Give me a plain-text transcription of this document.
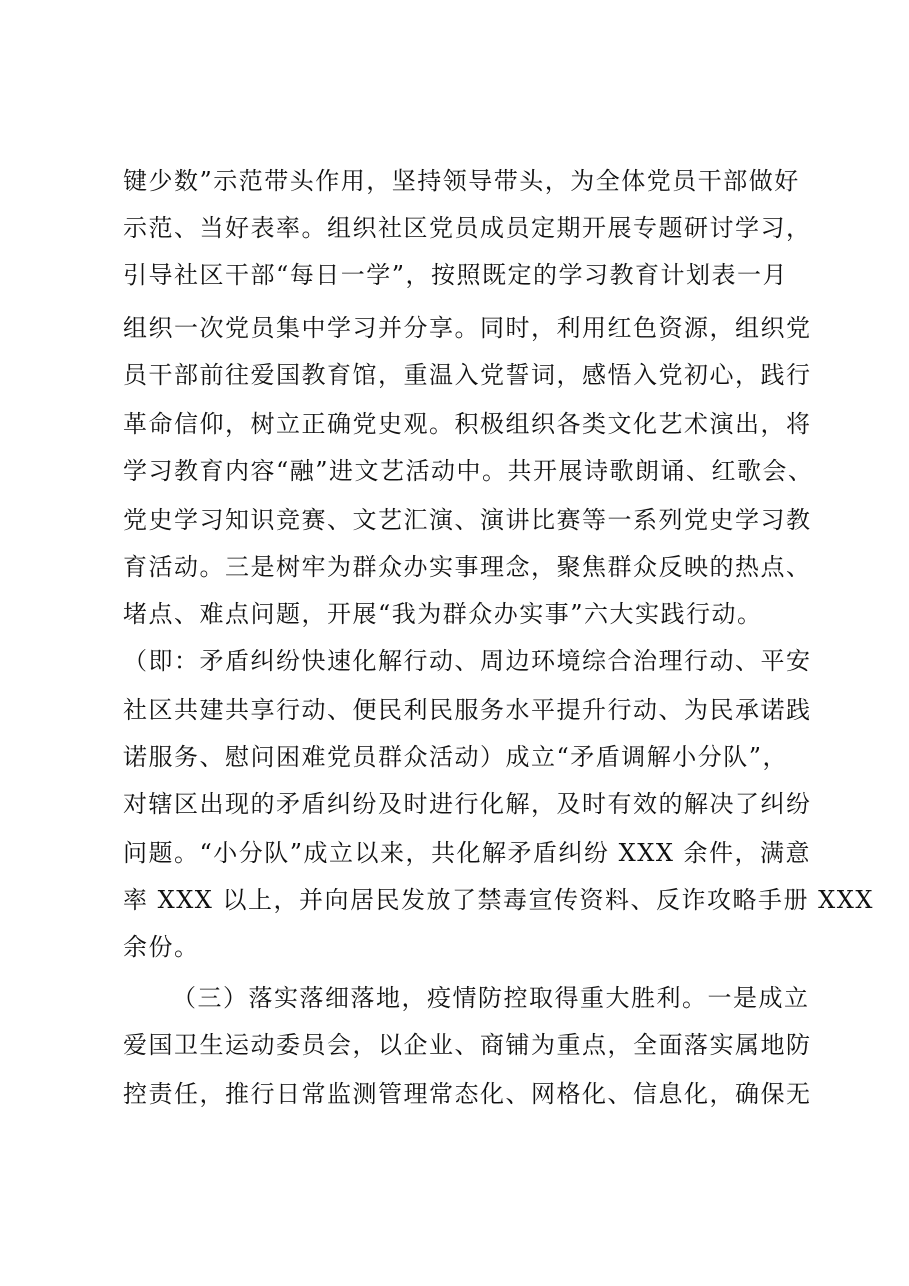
键少数”示范带头作用，坚持领导带头，为全体党员干部做好
示范、当好表率。组织社区党员成员定期开展专题研讨学习，
引导社区干部“每日一学”，按照既定的学习教育计划表一月
组织一次党员集中学习并分享。同时，利用红色资源，组织党
员干部前往爱国教育馆，重温入党誓词，感悟入党初心，践行
革命信仰，树立正确党史观。积极组织各类文化艺术演出，将
学习教育内容“融”进文艺活动中。共开展诗歌朗诵、红歌会、
党史学习知识竞赛、文艺汇演、演讲比赛等一系列党史学习教
育活动。三是树牢为群众办实事理念，聚焦群众反映的热点、
堵点、难点问题，开展“我为群众办实事”六大实践行动。
（即：矛盾纠纷快速化解行动、周边环境综合治理行动、平安
社区共建共享行动、便民利民服务水平提升行动、为民承诺践
诺服务、慰问困难党员群众活动）成立“矛盾调解小分队”，
对辖区出现的矛盾纠纷及时进行化解，及时有效的解决了纠纷
问题。“小分队”成立以来，共化解矛盾纠纷 XXX 余件，满意
率 XXX 以上，并向居民发放了禁毒宣传资料、反诈攻略手册 XXX
余份。
（三）落实落细落地，疫情防控取得重大胜利。一是成立
爱国卫生运动委员会，以企业、商铺为重点，全面落实属地防
控责任，推行日常监测管理常态化、网格化、信息化，确保无
